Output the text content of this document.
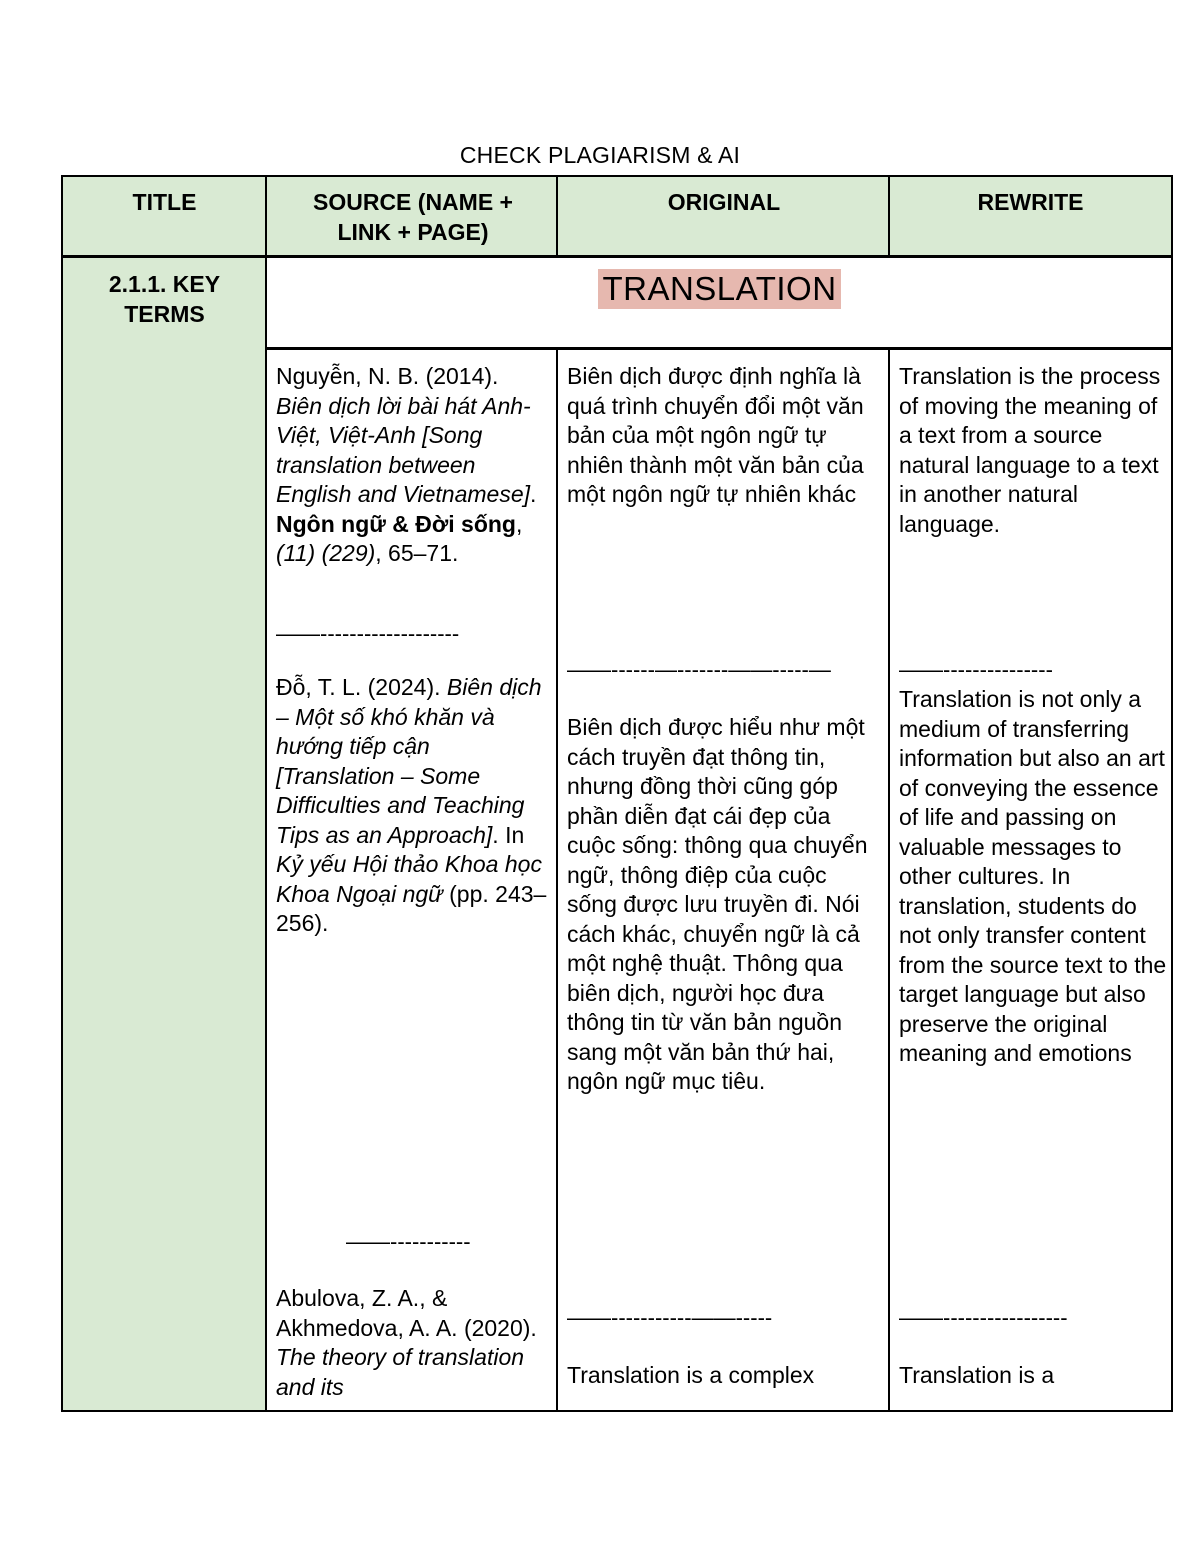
CHECK PLAGIARISM & AI
TITLE	SOURCE (NAME +
LINK + PAGE)
ORIGINAL	REWRITE
2.1.1. KEY
TERMS
TRANSLATION

Nguyễn, N. B. (2014). Biên dịch lời bài hát Anh-Việt, Việt-Anh [Song translation between English and Vietnamese]. Ngôn ngữ & Đời sống, (11) (229), 65–71.

——-------------------

Đỗ, T. L. (2024). Biên dịch – Một số khó khăn và hướng tiếp cận [Translation – Some Difficulties and Teaching Tips as an Approach]. In Kỷ yếu Hội thảo Khoa học Khoa Ngoại ngữ (pp. 243–256).

——-----------

Abulova, Z. A., & Akhmedova, A. A. (2020). The theory of translation and its

Biên dịch được định nghĩa là quá trình chuyển đổi một văn bản của một ngôn ngữ tự nhiên thành một văn bản của một ngôn ngữ tự nhiên khác
——------—-------——-----—
Biên dịch được hiểu như một cách truyền đạt thông tin, nhưng đồng thời cũng góp phần diễn đạt cái đẹp của cuộc sống: thông qua chuyển ngữ, thông điệp của cuộc sống được lưu truyền đi. Nói cách khác, chuyển ngữ là cả một nghệ thuật. Thông qua biên dịch, người học đưa thông tin từ văn bản nguồn sang một văn bản thứ hai, ngôn ngữ mục tiêu.
——-----------——-----
Translation is a complex
Translation is the process of moving the meaning of a text from a source natural language to a text in another natural language.
——---------------
Translation is not only a medium of transferring information but also an art of conveying the essence of life and passing on valuable messages to other cultures. In translation, students do not only transfer content from the source text to the target language but also preserve the original meaning and emotions
——-----------------
Translation is a
